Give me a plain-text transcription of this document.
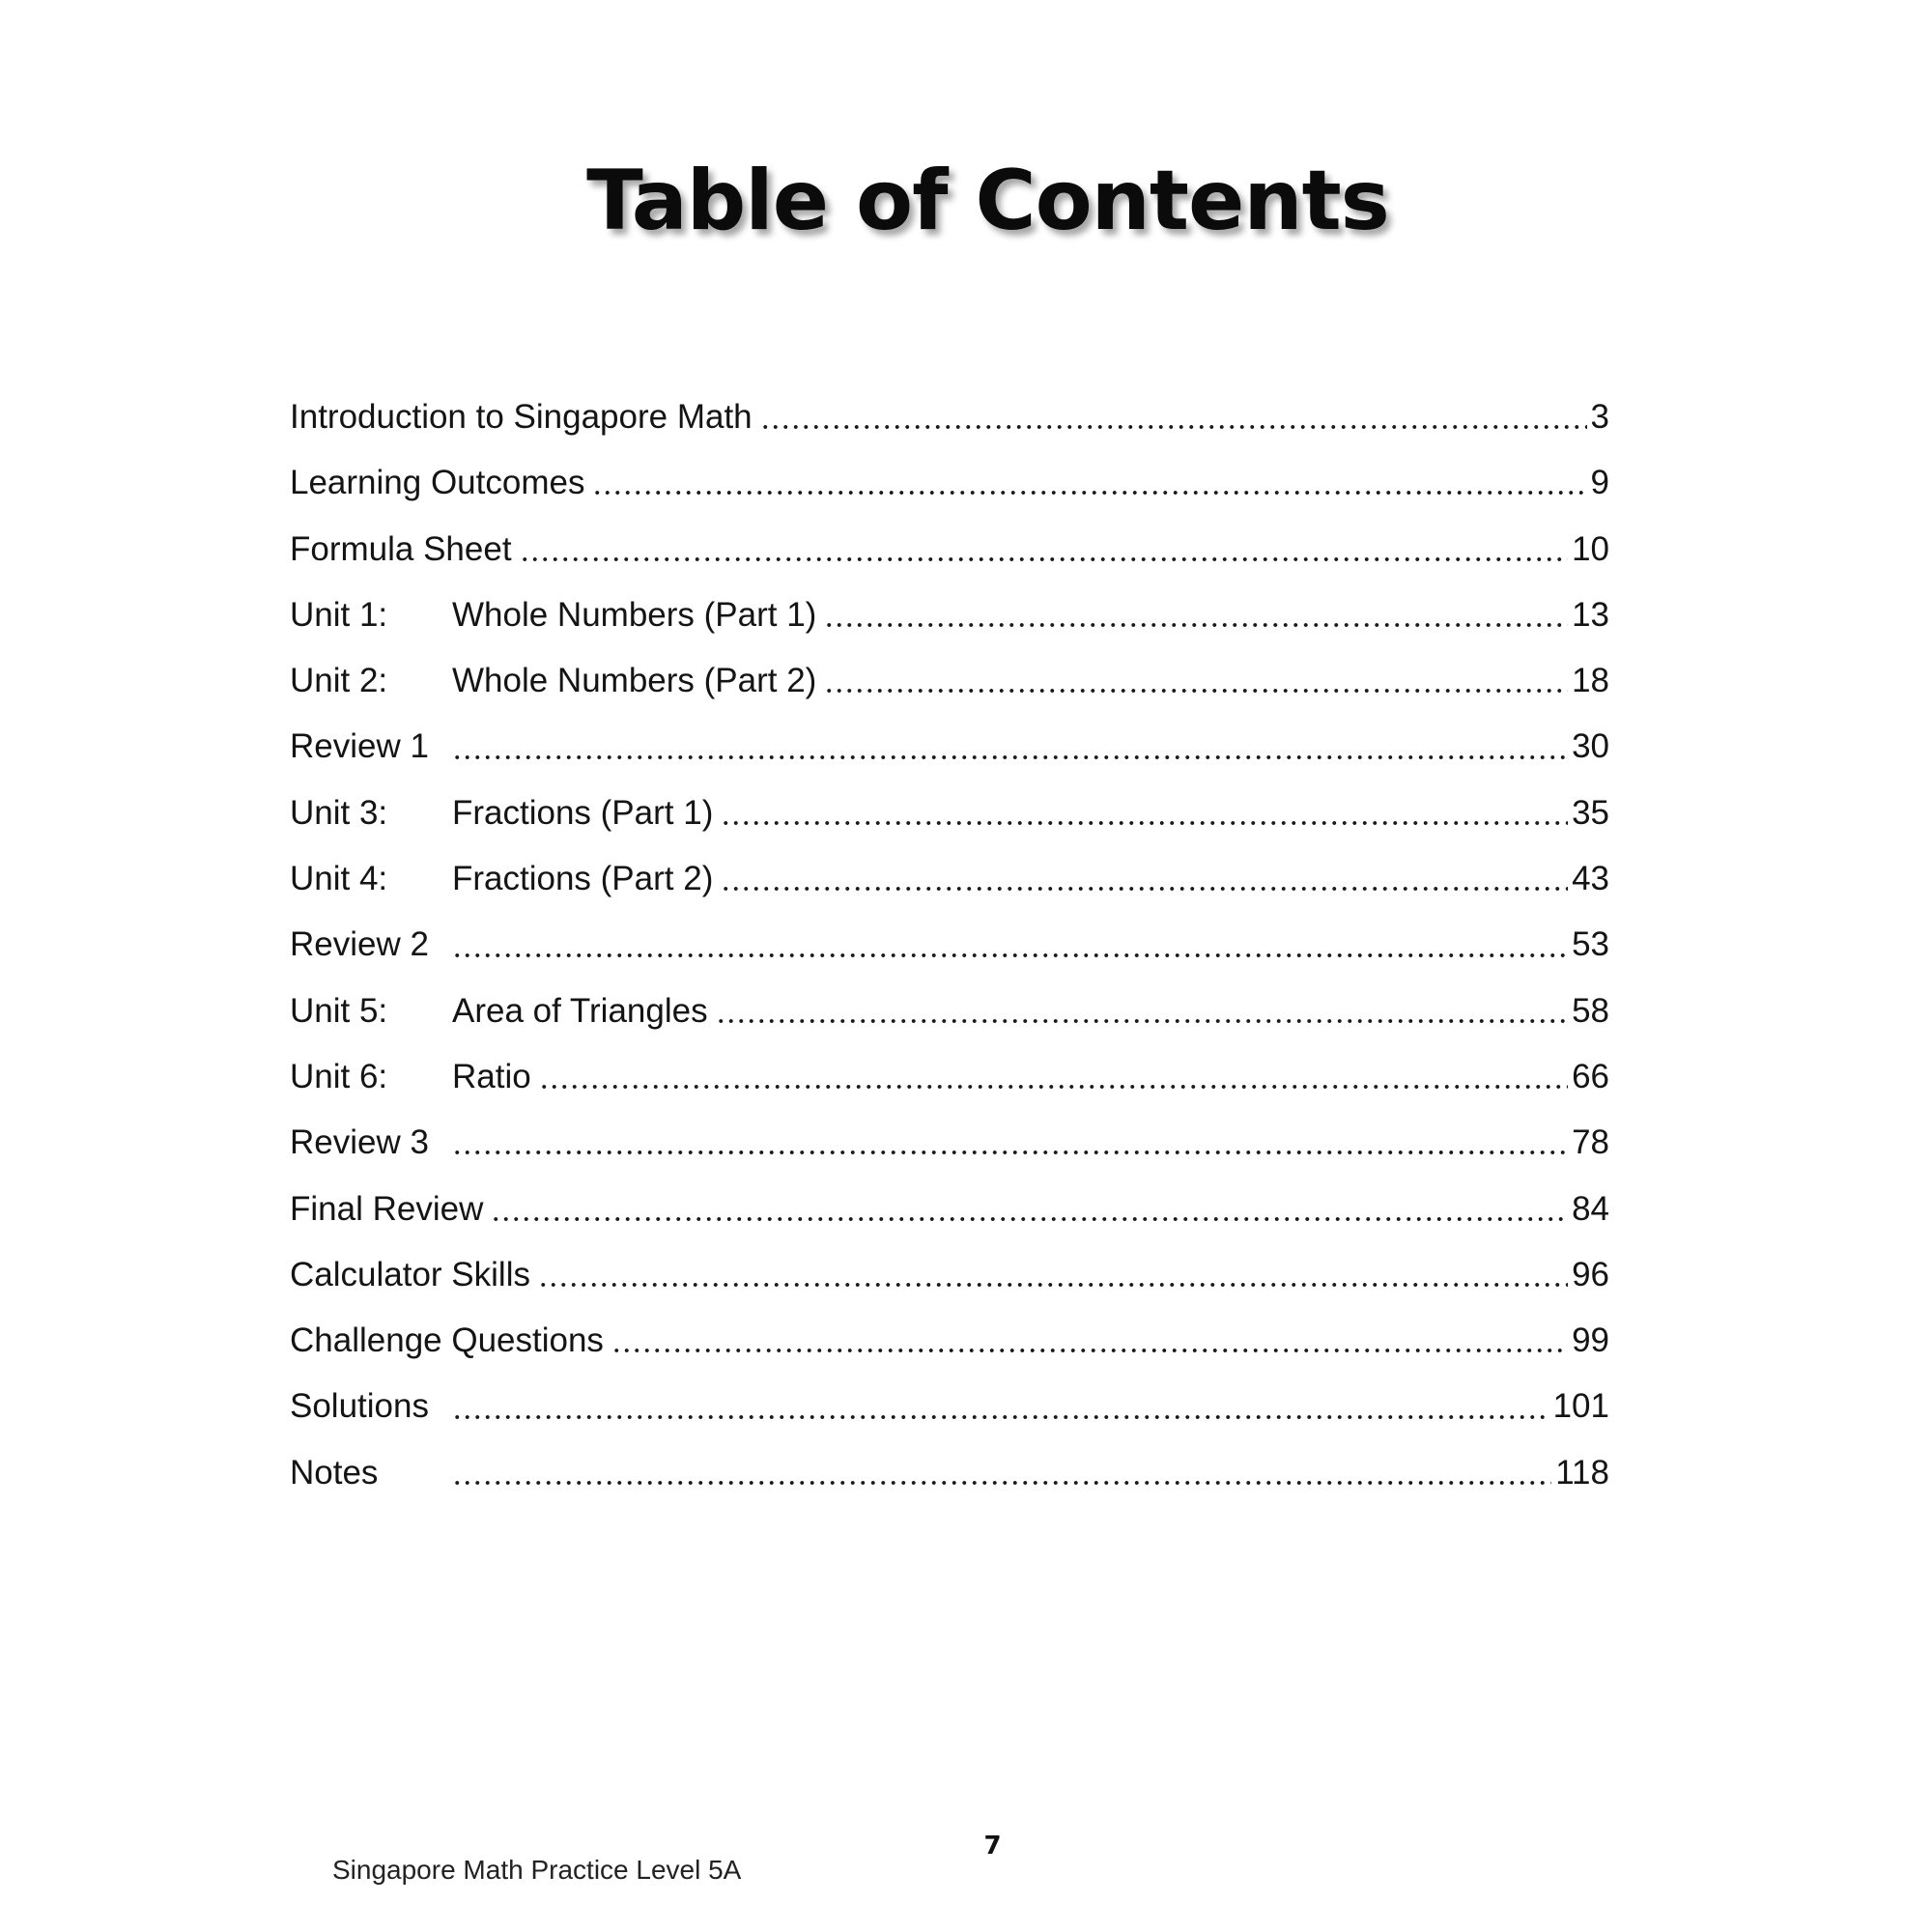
Table of Contents
Introduction to Singapore Math	3
Learning Outcomes	9
Formula Sheet	10
Unit 1:	Whole Numbers (Part 1)	13
Unit 2:	Whole Numbers (Part 2)	18
Review 1	30
Unit 3:	Fractions (Part 1)	35
Unit 4:	Fractions (Part 2)	43
Review 2	53
Unit 5:	Area of Triangles	58
Unit 6:	Ratio	66
Review 3	78
Final Review	84
Calculator Skills	96
Challenge Questions	99
Solutions	101
Notes	118
7
Singapore Math Practice Level 5A
